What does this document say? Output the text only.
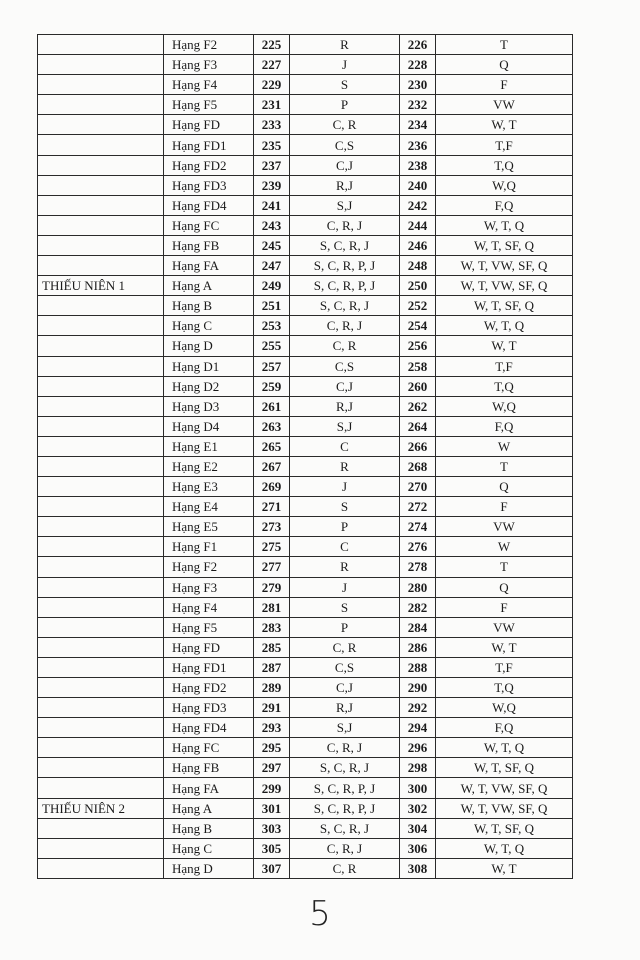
	Hạng F2	225	R	226	T
	Hạng F3	227	J	228	Q
	Hạng F4	229	S	230	F
	Hạng F5	231	P	232	VW
	Hạng FD	233	C, R	234	W, T
	Hạng FD1	235	C,S	236	T,F
	Hạng FD2	237	C,J	238	T,Q
	Hạng FD3	239	R,J	240	W,Q
	Hạng FD4	241	S,J	242	F,Q
	Hạng FC	243	C, R, J	244	W, T, Q
	Hạng FB	245	S, C, R, J	246	W, T, SF, Q
	Hạng FA	247	S, C, R, P, J	248	W, T, VW, SF, Q
THIẾU NIÊN 1	Hạng A	249	S, C, R, P, J	250	W, T, VW, SF, Q
	Hạng B	251	S, C, R, J	252	W, T, SF, Q
	Hạng C	253	C, R, J	254	W, T, Q
	Hạng D	255	C, R	256	W, T
	Hạng D1	257	C,S	258	T,F
	Hạng D2	259	C,J	260	T,Q
	Hạng D3	261	R,J	262	W,Q
	Hạng D4	263	S,J	264	F,Q
	Hạng E1	265	C	266	W
	Hạng E2	267	R	268	T
	Hạng E3	269	J	270	Q
	Hạng E4	271	S	272	F
	Hạng E5	273	P	274	VW
	Hạng F1	275	C	276	W
	Hạng F2	277	R	278	T
	Hạng F3	279	J	280	Q
	Hạng F4	281	S	282	F
	Hạng F5	283	P	284	VW
	Hạng FD	285	C, R	286	W, T
	Hạng FD1	287	C,S	288	T,F
	Hạng FD2	289	C,J	290	T,Q
	Hạng FD3	291	R,J	292	W,Q
	Hạng FD4	293	S,J	294	F,Q
	Hạng FC	295	C, R, J	296	W, T, Q
	Hạng FB	297	S, C, R, J	298	W, T, SF, Q
	Hạng FA	299	S, C, R, P, J	300	W, T, VW, SF, Q
THIẾU NIÊN 2	Hạng A	301	S, C, R, P, J	302	W, T, VW, SF, Q
	Hạng B	303	S, C, R, J	304	W, T, SF, Q
	Hạng C	305	C, R, J	306	W, T, Q
	Hạng D	307	C, R	308	W, T
5
